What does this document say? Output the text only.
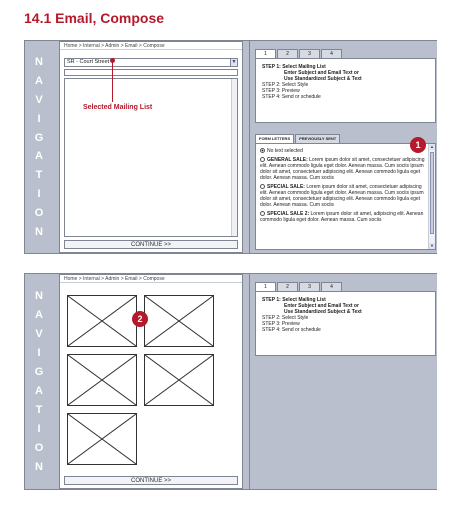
14.1 Email, Compose
N
A
V
I
G
A
T
I
O
N
Home > Internal > Admin > Email > Compose
SR - Court Street	▼
Selected Mailing List
CONTINUE >>
1	2	3	4
STEP 1: Select Mailing List
Enter Subject and Email Text or
Use Standardized Subject & Text
STEP 2: Select Style
STEP 3: Preview
STEP 4: Send or schedule
FORM LETTERS	PREVIOUSLY SENT
No text selected
GENERAL SALE: Lorem ipsum dolor sit amet, consectetuer adipiscing elit. Aenean commodo ligula eget dolor. Aenean massa. Cum sociis ipsum dolor sit amet, consectetuer adipiscing elit. Aenean commodo ligula eget dolor. Aenean massa. Cum sociis
SPECIAL SALE: Lorem ipsum dolor sit amet, consectetuer adipiscing elit. Aenean commodo ligula eget dolor. Aenean massa. Cum sociis ipsum dolor sit amet, consectetuer adipiscing elit. Aenean commodo ligula eget dolor. Aenean massa. Cum sociis
SPECIAL SALE 2: Lorem ipsum dolor sit amet, adipiscing elit. Aenean commodo ligula eget dolor. Aenean massa. Cum sociis
▲
▼
1
N
A
V
I
G
A
T
I
O
N
Home > Internal > Admin > Email > Compose
2
CONTINUE >>
1	2	3	4
STEP 1: Select Mailing List
Enter Subject and Email Text or
Use Standardized Subject & Text
STEP 2: Select Style
STEP 3: Preview
STEP 4: Send or schedule
